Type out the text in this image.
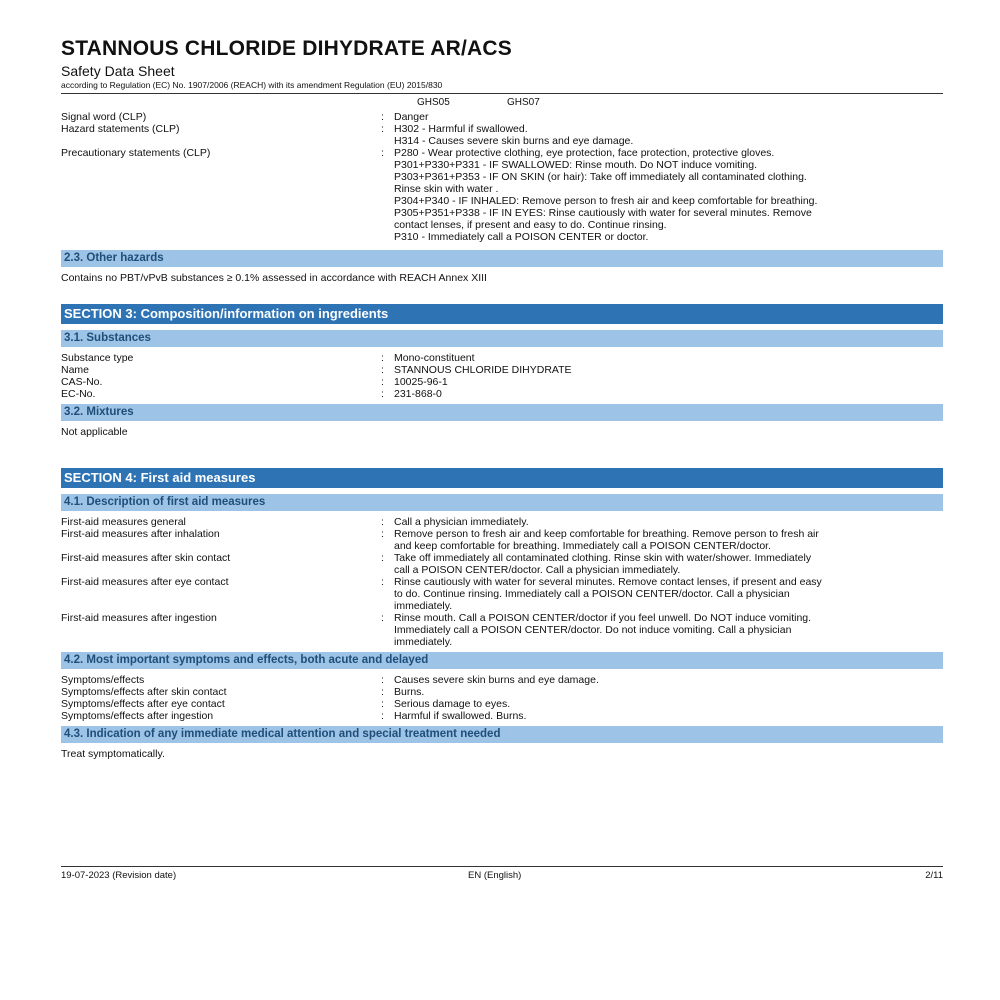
STANNOUS CHLORIDE DIHYDRATE AR/ACS
Safety Data Sheet
according to Regulation (EC) No. 1907/2006 (REACH) with its amendment Regulation (EU) 2015/830
GHS05	GHS07
Signal word (CLP)	: Danger
Hazard statements (CLP)	: H302 - Harmful if swallowed.
H314 - Causes severe skin burns and eye damage.
Precautionary statements (CLP)	: P280 - Wear protective clothing, eye protection, face protection, protective gloves.
P301+P330+P331 - IF SWALLOWED: Rinse mouth. Do NOT induce vomiting.
P303+P361+P353 - IF ON SKIN (or hair): Take off immediately all contaminated clothing.
Rinse skin with water .
P304+P340 - IF INHALED: Remove person to fresh air and keep comfortable for breathing.
P305+P351+P338 - IF IN EYES: Rinse cautiously with water for several minutes. Remove
contact lenses, if present and easy to do. Continue rinsing.
P310 - Immediately call a POISON CENTER or doctor.
2.3. Other hazards
Contains no PBT/vPvB substances ≥ 0.1% assessed in accordance with REACH Annex XIII
SECTION 3: Composition/information on ingredients
3.1. Substances
Substance type	: Mono-constituent
Name	: STANNOUS CHLORIDE DIHYDRATE
CAS-No.	: 10025-96-1
EC-No.	: 231-868-0
3.2. Mixtures
Not applicable
SECTION 4: First aid measures
4.1. Description of first aid measures
First-aid measures general	: Call a physician immediately.
First-aid measures after inhalation	: Remove person to fresh air and keep comfortable for breathing. Remove person to fresh air
and keep comfortable for breathing. Immediately call a POISON CENTER/doctor.
First-aid measures after skin contact	: Take off immediately all contaminated clothing. Rinse skin with water/shower. Immediately
call a POISON CENTER/doctor. Call a physician immediately.
First-aid measures after eye contact	: Rinse cautiously with water for several minutes. Remove contact lenses, if present and easy
to do. Continue rinsing. Immediately call a POISON CENTER/doctor. Call a physician
immediately.
First-aid measures after ingestion	: Rinse mouth. Call a POISON CENTER/doctor if you feel unwell. Do NOT induce vomiting.
Immediately call a POISON CENTER/doctor. Do not induce vomiting. Call a physician
immediately.
4.2. Most important symptoms and effects, both acute and delayed
Symptoms/effects	: Causes severe skin burns and eye damage.
Symptoms/effects after skin contact	: Burns.
Symptoms/effects after eye contact	: Serious damage to eyes.
Symptoms/effects after ingestion	: Harmful if swallowed. Burns.
4.3. Indication of any immediate medical attention and special treatment needed
Treat symptomatically.
19-07-2023 (Revision date)	EN (English)	2/11
